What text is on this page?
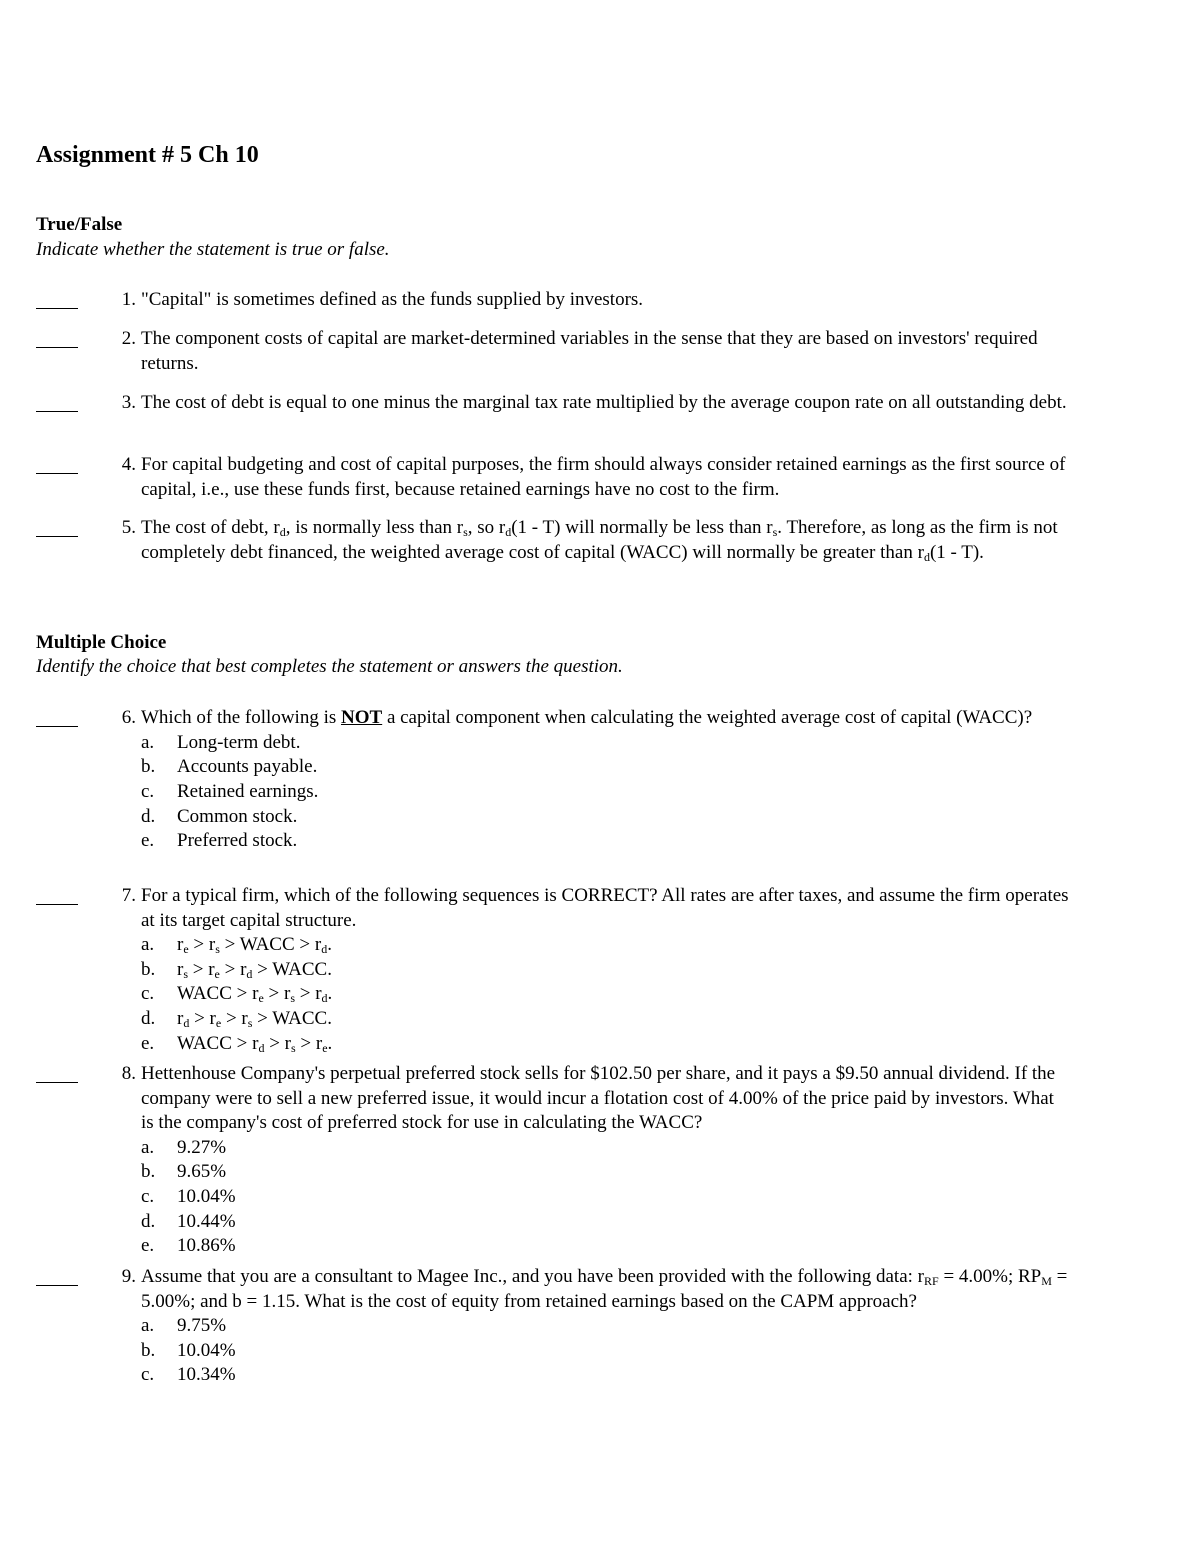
Assignment # 5 Ch 10
True/False
Indicate whether the statement is true or false.
1. "Capital" is sometimes defined as the funds supplied by investors.
2. The component costs of capital are market-determined variables in the sense that they are based on investors' required returns.
3. The cost of debt is equal to one minus the marginal tax rate multiplied by the average coupon rate on all outstanding debt.
4. For capital budgeting and cost of capital purposes, the firm should always consider retained earnings as the first source of capital, i.e., use these funds first, because retained earnings have no cost to the firm.
5. The cost of debt, $r_d$, is normally less than $r_s$, so $r_d(1 - T)$ will normally be less than $r_s$. Therefore, as long as the firm is not completely debt financed, the weighted average cost of capital (WACC) will normally be greater than $r_d(1 - T)$.
Multiple Choice
Identify the choice that best completes the statement or answers the question.
6. Which of the following is NOT a capital component when calculating the weighted average cost of capital (WACC)?
a. Long-term debt.
b. Accounts payable.
c. Retained earnings.
d. Common stock.
e. Preferred stock.
7. For a typical firm, which of the following sequences is CORRECT? All rates are after taxes, and assume the firm operates at its target capital structure.
a. $r_e > r_s$ > WACC > $r_d$.
b. $r_s > r_e > r_d$ > WACC.
c. WACC > $r_e > r_s > r_d$.
d. $r_d > r_e > r_s$ > WACC.
e. WACC > $r_d > r_s > r_e$.
8. Hettenhouse Company's perpetual preferred stock sells for $102.50 per share, and it pays a $9.50 annual dividend. If the company were to sell a new preferred issue, it would incur a flotation cost of 4.00% of the price paid by investors. What is the company's cost of preferred stock for use in calculating the WACC?
a. 9.27%
b. 9.65%
c. 10.04%
d. 10.44%
e. 10.86%
9. Assume that you are a consultant to Magee Inc., and you have been provided with the following data: $r_{RF} = 4.00\%$; $RP_M = 5.00\%$; and b = 1.15. What is the cost of equity from retained earnings based on the CAPM approach?
a. 9.75%
b. 10.04%
c. 10.34%
